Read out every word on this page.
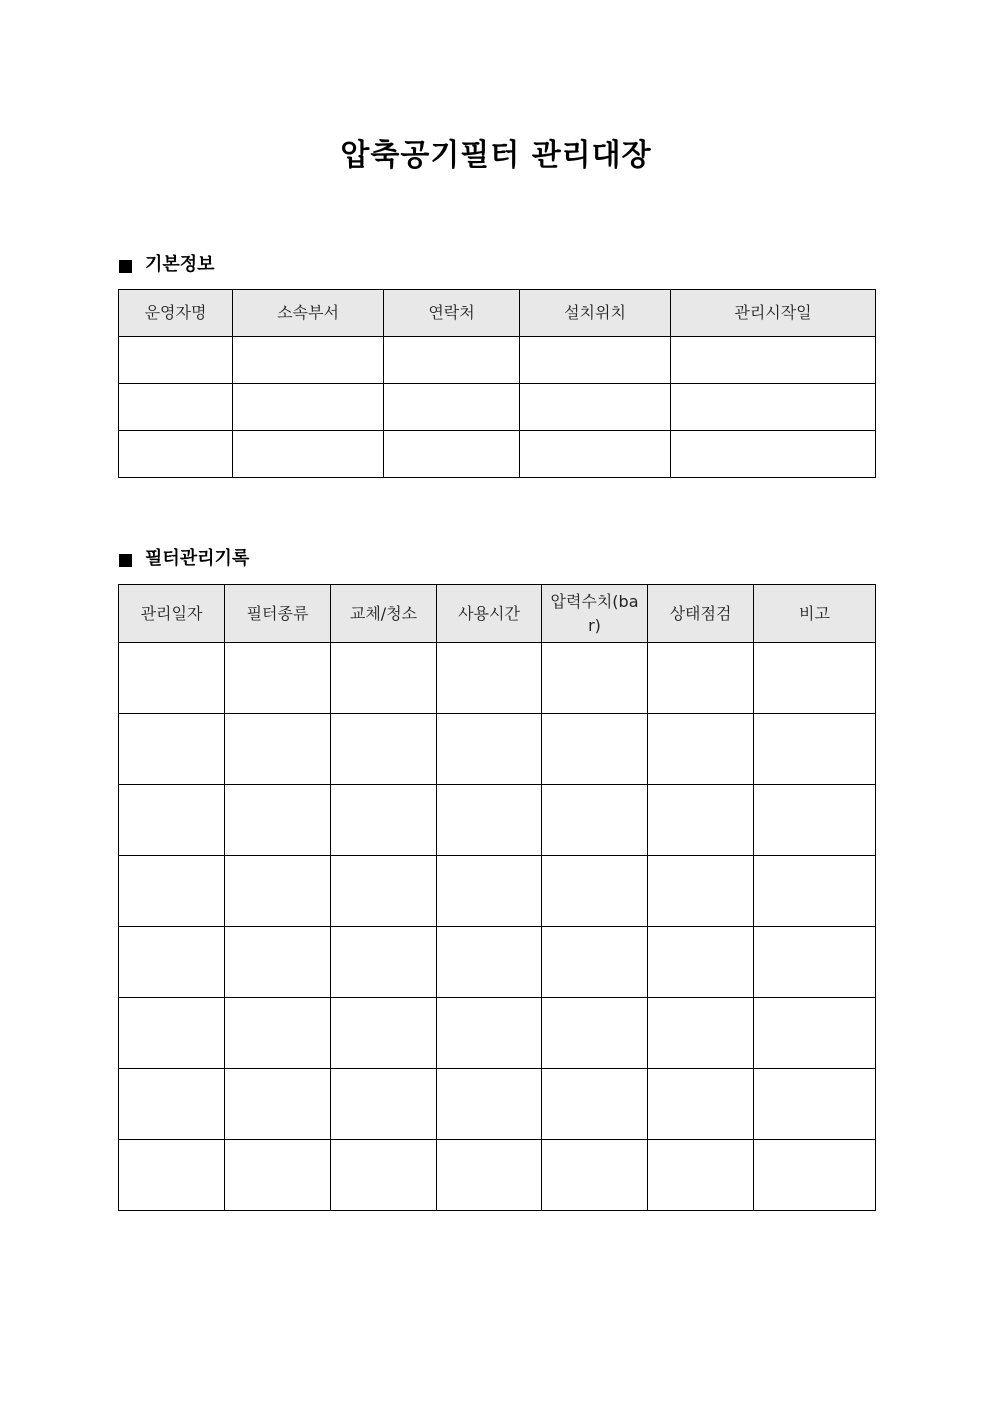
압축공기필터 관리대장
기본정보
운영자명	소속부서	연락처	설치위치	관리시작일

필터관리기록
관리일자	필터종류	교체/청소	사용시간	압력수치(bar)	상태점검	비고
